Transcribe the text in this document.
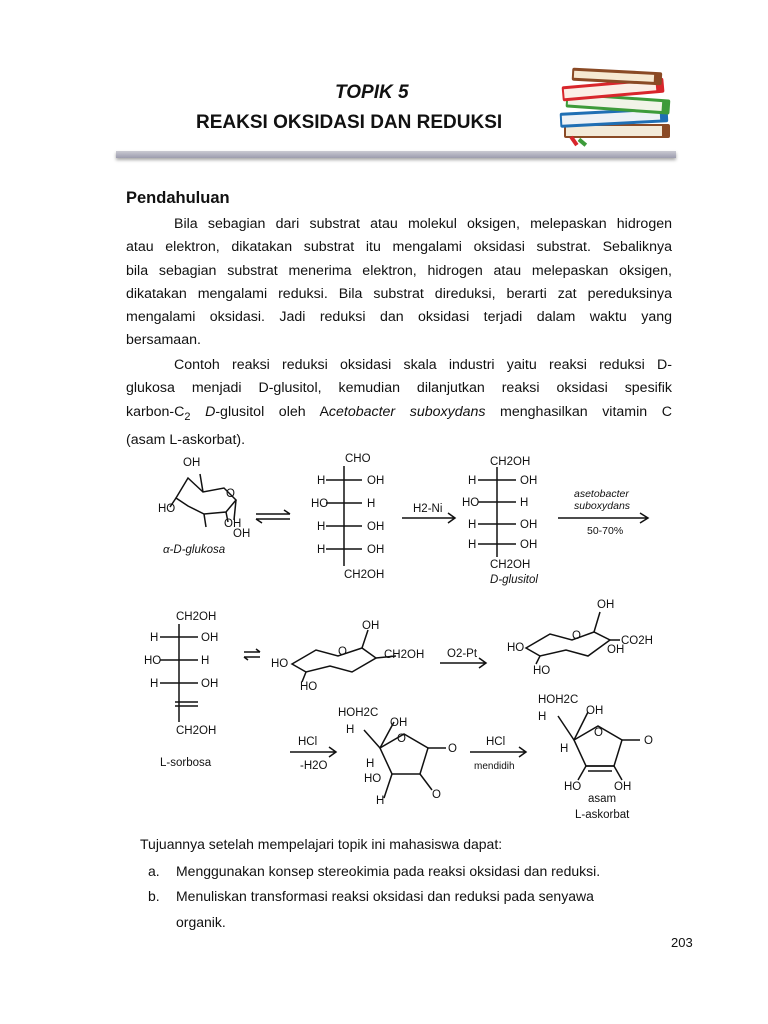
TOPIK 5
REAKSI OKSIDASI DAN REDUKSI
Pendahuluan
Bila sebagian dari substrat atau molekul oksigen, melepaskan hidrogen
atau elektron, dikatakan substrat itu mengalami oksidasi substrat. Sebaliknya
bila sebagian substrat menerima elektron, hidrogen atau melepaskan oksigen,
dikatakan mengalami reduksi. Bila substrat direduksi, berarti zat pereduksinya
mengalami oksidasi. Jadi reduksi dan oksidasi terjadi dalam waktu yang
bersamaan.
Contoh reaksi reduksi oksidasi skala industri yaitu reaksi reduksi D-
glukosa menjadi D-glusitol, kemudian dilanjutkan reaksi oksidasi spesifik
karbon-$C_2$ D-glusitol oleh Acetobacter suboxydans menghasilkan vitamin C
(asam L-askorbat).
OH
HO
O
OH
OH
α-D-glukosa
CHO
H	OH
HO	H
H	OH
H	OH
CH2OH
H2-Ni
CH2OH
H	OH
HO	H
H	OH
H	OH
CH2OH
D-glusitol
asetobacter
suboxydans
50-70%
CH2OH
H	OH
HO	H
H	OH
CH2OH
L-sorbosa
HO
HO
O
OH
CH2OH O2-Pt	HO
HO
O
OH
CO2H
OH
HCl
-H2O
HOH2C
OH
H
O
O
O
H
HO
H
HCl
mendidih
HOH2C
H	OH
O
O
H
HO	OH
asam
L-askorbat
Tujuannya setelah mempelajari topik ini mahasiswa dapat:
a. Menggunakan konsep stereokimia pada reaksi oksidasi dan reduksi.
b. Menuliskan transformasi reaksi oksidasi dan reduksi pada senyawa
organik.
203
